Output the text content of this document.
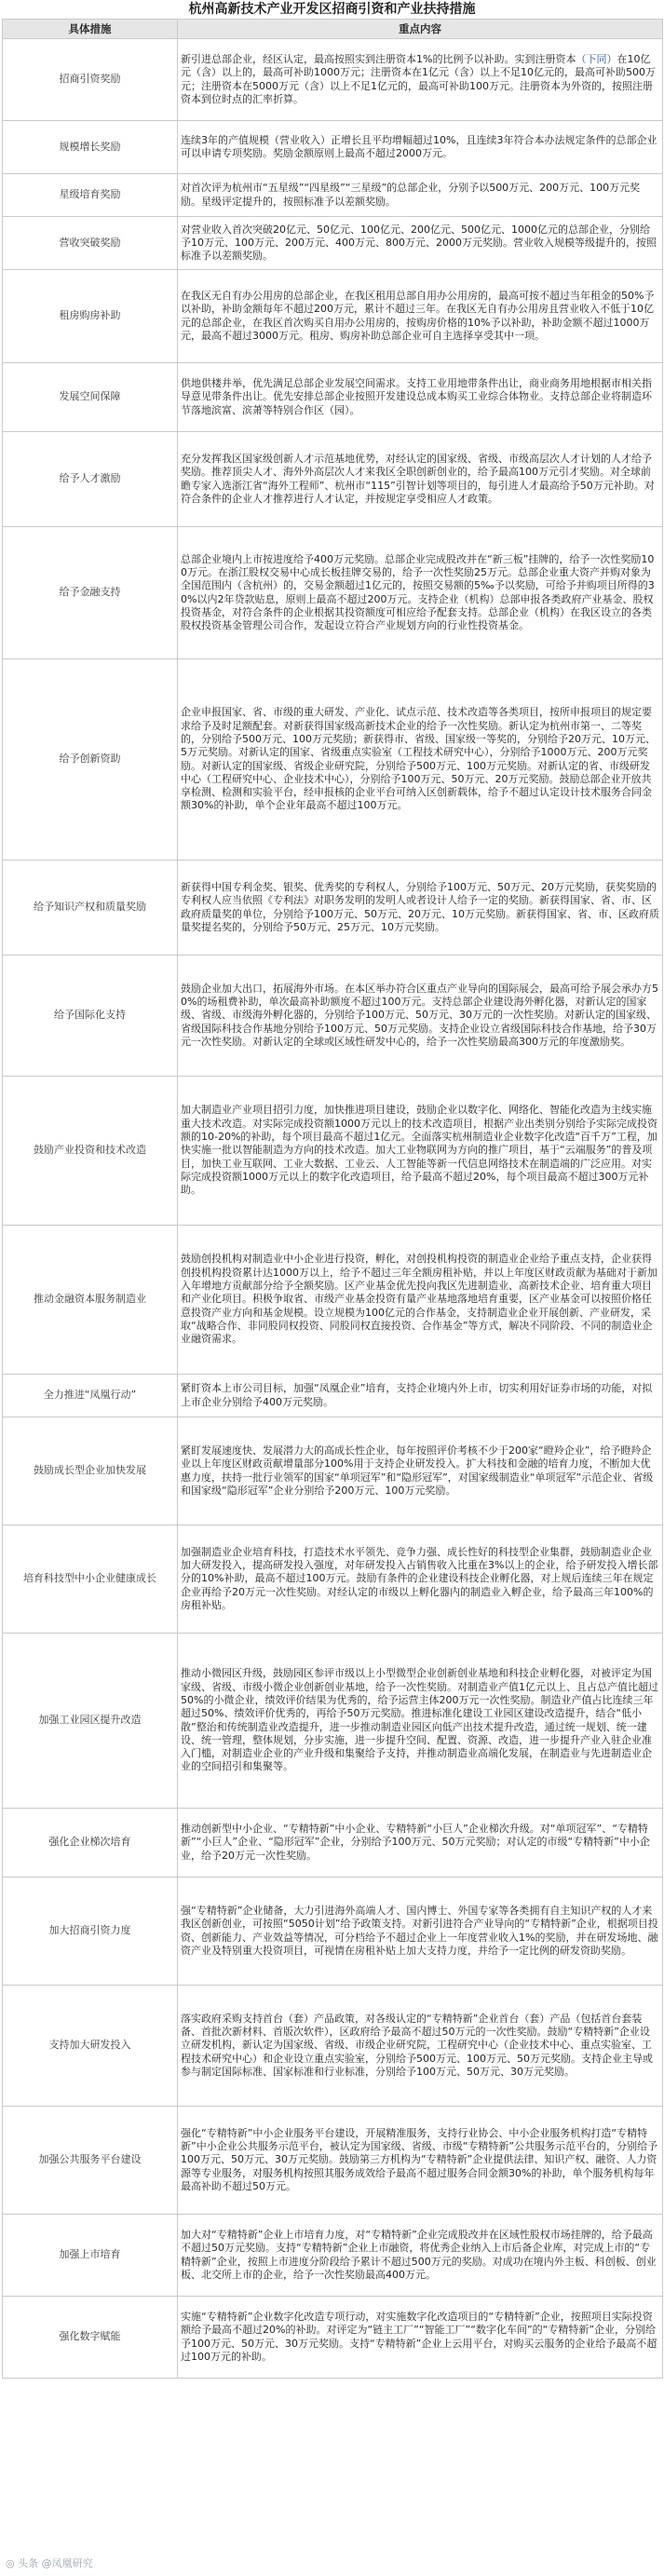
杭州高新技术产业开发区招商引资和产业扶持措施
具体措施	重点内容
招商引资奖励	新引进总部企业，经区认定，最高按照实到注册资本1%的比例予以补助。实到注册资本（下同）在10亿元（含）以上的，最高可补助1000万元；注册资本在1亿元（含）以上不足10亿元的，最高可补助500万元；注册资本在5000万元（含）以上不足1亿元的，最高可补助100万元。注册资本为外资的，按照注册资本到位时点的汇率折算。
规模增长奖励	连续3年的产值规模（营业收入）正增长且平均增幅超过10%，且连续3年符合本办法规定条件的总部企业可以申请专项奖励。奖励金额原则上最高不超过2000万元。
星级培育奖励	对首次评为杭州市“五星级”“四星级”“三星级”的总部企业，分别予以500万元、200万元、100万元奖励。星级评定提升的，按照标准予以差额奖励。
营收突破奖励	对营业收入首次突破20亿元、50亿元、100亿元、200亿元、500亿元、1000亿元的总部企业，分别给予10万元、100万元、200万元、400万元、800万元、2000万元奖励。营业收入规模等级提升的，按照标准予以差额奖励。
租房购房补助	在我区无自有办公用房的总部企业，在我区租用总部自用办公用房的，最高可按不超过当年租金的50%予以补助，补助金额每年不超过200万元，累计不超过三年。在我区无自有办公用房且营业收入不低于10亿元的总部企业，在我区首次购买自用办公用房的，按购房价格的10%予以补助，补助金额不超过1000万元，最高不超过3000万元。租房、购房补助总部企业可自主选择享受其中一项。
发展空间保障	供地供楼并举，优先满足总部企业发展空间需求。支持工业用地带条件出让，商业商务用地根据市相关指导意见带条件出让。优先安排总部企业按照开发建设总成本购买工业综合体物业。支持总部企业将制造环节落地滨富、滨萧等特别合作区（园）。
给予人才激励	充分发挥我区国家级创新人才示范基地优势，对经认定的国家级、省级、市级高层次人才计划的人才给予奖励。推荐顶尖人才、海外外高层次人才来我区全职创新创业的，给予最高100万元引才奖励。对全球前瞻专家入选浙江省“海外工程师”、杭州市“115”引智计划等项目的，每引进人才最高给予50万元补助。对符合条件的企业人才推荐进行人才认定，并按规定享受相应人才政策。
给予金融支持	总部企业境内上市按进度给予400万元奖励。总部企业完成股改并在“新三板”挂牌的，给予一次性奖励100万元。在浙江股权交易中心成长板挂牌交易的，给予一次性奖励25万元。总部企业重大资产并购对象为全国范围内（含杭州）的，交易金额超过1亿元的，按照交易额的5‰予以奖励，可给予并购项目所得的30%以内2年贷款贴息，原则上最高不超过200万元。支持企业（机构）总部申报各类政府产业基金、股权投资基金，对符合条件的企业根据其投资额度可相应给予配套支持。总部企业（机构）在我区设立的各类股权投资基金管理公司合作，发起设立符合产业规划方向的行业性投资基金。
给予创新资助	企业申报国家、省、市级的重大研发、产业化、试点示范、技术改造等各类项目，按所申报项目的规定要求给予及时足额配套。对新获得国家级高新技术企业的给予一次性奖励。新认定为杭州市第一、二等奖的，分别给予500万元、100万元奖励；新获得市、省级、国家级一等奖的，分别给予20万元、10万元、5万元奖励。对新认定的国家、省级重点实验室（工程技术研究中心），分别给予1000万元、200万元奖励。对新认定的国家级、省级企业研究院，分别给予500万元、100万元奖励。对新认定的省、市级研发中心（工程研究中心、企业技术中心），分别给予100万元、50万元、20万元奖励。鼓励总部企业开放共享检测、检测和实验平台，经申报核的企业平台可纳入区创新载体，给予不超过认定设计技术服务合同金额30%的补助，单个企业年最高不超过100万元。
给予知识产权和质量奖励	新获得中国专利金奖、银奖、优秀奖的专利权人，分别给予100万元、50万元、20万元奖励，获奖奖励的专利权人应当依照《专利法》对职务发明的发明人或者设计人给予一定的奖励。新获得国家、省、市、区政府质量奖的单位，分别给予100万元、50万元、20万元、10万元奖励。新获得国家、省、市、区政府质量奖提名奖的，分别给予50万元、25万元、10万元奖励。
给予国际化支持	鼓励企业加大出口，拓展海外市场。在本区举办符合区重点产业导向的国际展会，最高可给予展会承办方50%的场租费补助，单次最高补助额度不超过100万元。支持总部企业建设海外孵化器，对新认定的国家级、省级、市级海外孵化器的，分别给予100万元、50万元、30万元的一次性奖励。对新认定的国家级、省级国际科技合作基地分别给予100万元、50万元奖励。支持企业设立省级国际科技合作基地，给予30万元一次性奖励。对新认定的全球或区域性研发中心的，给予一次性奖励最高300万元的年度激励奖。
鼓励产业投资和技术改造	加大制造业产业项目招引力度，加快推进项目建设，鼓励企业以数字化、网络化、智能化改造为主线实施重大技术改造。对实际完成投资额1000万元以上的技术改造项目，根据产业出类别分别给予实际完成投资额的10-20%的补助，每个项目最高不超过1亿元。全面落实杭州制造业企业数字化改造“百千万”工程，加快实施一批以智能制造为方向的技术改造。加大工业物联网为方向的推广项目，基于“云端服务”的普及项目，加快工业互联网、工业大数据、工业云、人工智能等新一代信息网络技术在制造端的广泛应用。对实际完成投资额1000万元以上的数字化改造项目，给予最高不超过20%，每个项目最高不超过300万元补助。
推动金融资本服务制造业	鼓励创投机构对制造业中小企业进行投资，孵化，对创投机构投资的制造业企业给予重点支持，企业获得创投机构投资累计达1000万以上，给予不超过三年全额房租补贴，并以上年度区财政贡献为基础对于新加入年增地方贡献部分给予全额奖励。区产业基金优先投向我区先进制造业、高新技术企业、培育重大项目和产业化项目。积极争取省、市级产业基金投资有量产业基地落地培育重要，区产业基金可以按照价格任意投资产业方向和基金规模。设立规模为100亿元的合作基金，支持制造业企业开展创新、产业研发，采取“战略合作、非同股同权投资、同股同权直接投资、合作基金”等方式，解决不同阶段、不同的制造业企业融资需求。
全力推进“凤凰行动”	紧盯资本上市公司目标，加强“凤凰企业”培育，支持企业境内外上市，切实利用好证券市场的功能，对拟上市企业分别给予400万元奖励。
鼓励成长型企业加快发展	紧盯发展速度快、发展潜力大的高成长性企业，每年按照评价考核不少于200家“瞪羚企业”，给予瞪羚企业以上年度区财政贡献增量部分100%用于支持企业研发投入。扩大科技和金融的培育力度，不断加大优惠力度，扶持一批行业领军的国家“单项冠军”和“隐形冠军”，对国家级制造业“单项冠军”示范企业、省级和国家级“隐形冠军”企业分别给予200万元、100万元奖励。
培育科技型中小企业健康成长	加强制造业企业培育科技，打造技术水平领先、竞争力强、成长性好的科技型企业集群，鼓励制造业企业加大研发投入，提高研发投入强度，对年研发投入占销售收入比重在3%以上的企业，给予研发投入增长部分的10%补助，最高不超过100万元。鼓励有条件的企业建设科技企业孵化器，对上规后连续三年在规定企业再给予20万元一次性奖励。对经认定的市级以上孵化器内的制造业入孵企业，给予最高三年100%的房租补贴。
加强工业园区提升改造	推动小微园区升级，鼓励园区参评市级以上小型微型企业创新创业基地和科技企业孵化器，对被评定为国家级、省级、市级小微企业创新创业基地，给予一次性奖励。对制造业产值1亿元以上、且占总产值比超过50%的小微企业，绩效评价结果为优秀的，给予运营主体200万元一次性奖励。制造业产值占比连续三年超过50%、绩效评价优秀的，再给予50万元奖励。推进标准化建设工业园区建设改造提升，结合“低小散”整治和传统制造业改造提升，进一步推动制造业园区向低产出技术提升改造，通过统一规划、统一建设、统一管理，整体规划，分步实施，进一步提升空间、配置、资源、改造，进一步提升产业入驻企业准入门槛，对制造业企业的产业升级和集聚给予支持，并推动制造业高端化发展，在制造业与先进制造业企业的空间招引和集聚等。
强化企业梯次培育	推动创新型中小企业、“专精特新”中小企业、专精特新“小巨人”企业梯次升级。对“单项冠军”、“专精特新”“小巨人”企业、“隐形冠军”企业，分别给予100万元、50万元奖励；对认定的市级“专精特新”中小企业，给予20万元一次性奖励。
加大招商引资力度	强“专精特新”企业储备，大力引进海外高端人才、国内博士、外国专家等各类拥有自主知识产权的人才来我区创新创业，可按照“5050计划”给予政策支持。对新引进符合产业导向的“专精特新”企业，根据项目投资、创新能力、产业效益等情况，可分档给予不超过企业上一年度营业收入1%的奖励，并在研发场地、融资产业及特别重大投资项目，可视情在房租补贴上加大支持力度，并给予一定比例的研发资助奖励。
支持加大研发投入	落实政府采购支持首台（套）产品政策，对各级认定的“专精特新”企业首台（套）产品（包括首台套装备、首批次新材料、首版次软件），区政府给予最高不超过50万元的一次性奖励。鼓励“专精特新”企业设立研发机构，新认定为国家级、省级、市级企业研究院，工程研究中心（企业技术中心、重点实验室、工程技术研究中心）和企业设立重点实验室，分别给予500万元、100万元、50万元奖励。支持企业主导或参与制定国际标准、国家标准和行业标准，分别给予100万元、50万元、30万元奖励。
加强公共服务平台建设	强化“专精特新”中小企业服务平台建设，开展精准服务，支持行业协会、中小企业服务机构打造“专精特新”中小企业公共服务示范平台，被认定为国家级、省级、市级“专精特新”公共服务示范平台的，分别给予100万元、50万元、30万元奖励。鼓励第三方机构为“专精特新”企业提供法律、知识产权、融资、人力资源等专业服务，对服务机构按照其服务成效给予最高不超过服务合同金额30%的补助，单个服务机构每年最高补助不超过50万元。
加强上市培育	加大对“专精特新”企业上市培育力度，对“专精特新”企业完成股改并在区域性股权市场挂牌的，给予最高不超过50万元奖励。支持“专精特新”企业上市融资，将优秀企业纳入上市后备企业库，对完成上市的“专精特新”企业，按照上市进度分阶段给予累计不超过500万元的奖励。对成功在境内外主板、科创板、创业板、北交所上市的企业，给予一次性奖励最高400万元。
强化数字赋能	实施“专精特新”企业数字化改造专项行动，对实施数字化改造项目的“专精特新”企业，按照项目实际投资额给予最高不超过20%的补助。对评定为“链主工厂”“智能工厂”“数字化车间”的“专精特新”企业，分别给予100万元、50万元、30万元奖励。支持“专精特新”企业上云用平台，对购买云服务的企业给予最高不超过100万元的补助。
◎ 头条 @凤凰研究
